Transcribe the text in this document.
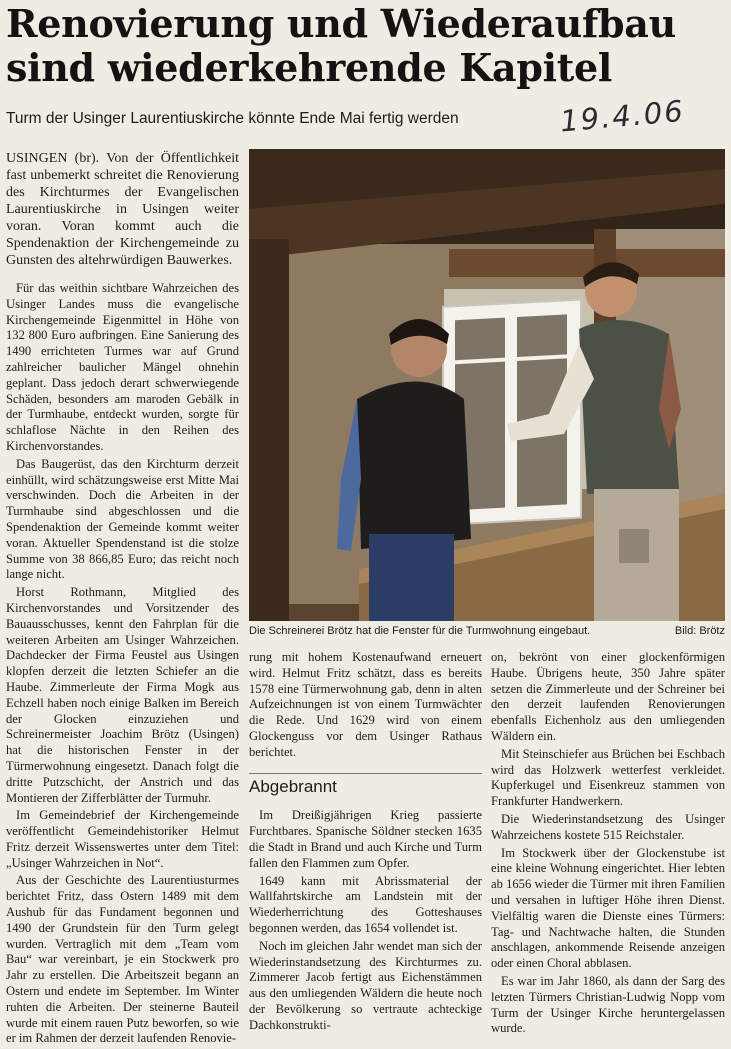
Renovierung und Wiederaufbau
sind wiederkehrende Kapitel
Turm der Usinger Laurentiuskirche könnte Ende Mai fertig werden	19.4.06

USINGEN (br). Von der Öffentlichkeit fast unbemerkt schreitet die Renovierung des Kirchturmes der Evangelischen Laurentiuskirche in Usingen weiter voran. Voran kommt auch die Spendenaktion der Kirchengemeinde zu Gunsten des altehrwürdigen Bauwerkes.

Für das weithin sichtbare Wahrzeichen des Usinger Landes muss die evangelische Kirchengemeinde Eigenmittel in Höhe von 132 800 Euro aufbringen. Eine Sanierung des 1490 errichteten Turmes war auf Grund zahlreicher baulicher Mängel ohnehin geplant. Dass jedoch derart schwerwiegende Schäden, besonders am maroden Gebälk in der Turmhaube, entdeckt wurden, sorgte für schlaflose Nächte in den Reihen des Kirchenvorstandes.

Das Baugerüst, das den Kirchturm derzeit einhüllt, wird schätzungsweise erst Mitte Mai verschwinden. Doch die Arbeiten in der Turmhaube sind abgeschlossen und die Spendenaktion der Gemeinde kommt weiter voran. Aktueller Spendenstand ist die stolze Summe von 38 866,85 Euro; das reicht noch lange nicht.

Horst Rothmann, Mitglied des Kirchenvorstandes und Vorsitzender des Bauausschusses, kennt den Fahrplan für die weiteren Arbeiten am Usinger Wahrzeichen. Dachdecker der Firma Feustel aus Usingen klopfen derzeit die letzten Schiefer an die Haube. Zimmerleute der Firma Mogk aus Echzell haben noch einige Balken im Bereich der Glocken einzuziehen und Schreinermeister Joachim Brötz (Usingen) hat die historischen Fenster in der Türmerwohnung eingesetzt. Danach folgt die dritte Putzschicht, der Anstrich und das Montieren der Zifferblätter der Turmuhr.

Im Gemeindebrief der Kirchengemeinde veröffentlicht Gemeindehistoriker Helmut Fritz derzeit Wissenswertes unter dem Titel: „Usinger Wahrzeichen in Not“.

Aus der Geschichte des Laurentiusturmes berichtet Fritz, dass Ostern 1489 mit dem Aushub für das Fundament begonnen und 1490 der Grundstein für den Turm gelegt wurden. Vertraglich mit dem „Team vom Bau“ war vereinbart, je ein Stockwerk pro Jahr zu erstellen. Die Arbeitszeit begann an Ostern und endete im September. Im Winter ruhten die Arbeiten. Der steinerne Bauteil wurde mit einem rauen Putz beworfen, so wie er im Rahmen der derzeit laufenden Renovie-

Die Schreinerei Brötz hat die Fenster für die Turmwohnung eingebaut.	Bild: Brötz

rung mit hohem Kostenaufwand erneuert wird. Helmut Fritz schätzt, dass es bereits 1578 eine Türmerwohnung gab, denn in alten Aufzeichnungen ist von einem Turmwächter die Rede. Und 1629 wird von einem Glockenguss vor dem Usinger Rathaus berichtet.

Abgebrannt

Im Dreißigjährigen Krieg passierte Furchtbares. Spanische Söldner stecken 1635 die Stadt in Brand und auch Kirche und Turm fallen den Flammen zum Opfer.

1649 kann mit Abrissmaterial der Wallfahrtskirche am Landstein mit der Wiederherrichtung des Gotteshauses begonnen werden, das 1654 vollendet ist.

Noch im gleichen Jahr wendet man sich der Wiederinstandsetzung des Kirchturmes zu. Zimmerer Jacob fertigt aus Eichenstämmen aus den umliegenden Wäldern die heute noch der Bevölkerung so vertraute achteckige Dachkonstrukti-

on, bekrönt von einer glockenförmigen Haube. Übrigens heute, 350 Jahre später setzen die Zimmerleute und der Schreiner bei den derzeit laufenden Renovierungen ebenfalls Eichenholz aus den umliegenden Wäldern ein.

Mit Steinschiefer aus Brüchen bei Eschbach wird das Holzwerk wetterfest verkleidet. Kupferkugel und Eisenkreuz stammen von Frankfurter Handwerkern.

Die Wiederinstandsetzung des Usinger Wahrzeichens kostete 515 Reichstaler.

Im Stockwerk über der Glockenstube ist eine kleine Wohnung eingerichtet. Hier lebten ab 1656 wieder die Türmer mit ihren Familien und versahen in luftiger Höhe ihren Dienst. Vielfältig waren die Dienste eines Türmers: Tag- und Nachtwache halten, die Stunden anschlagen, ankommende Reisende anzeigen oder einen Choral abblasen.

Es war im Jahr 1860, als dann der Sarg des letzten Türmers Christian-Ludwig Nopp vom Turm der Usinger Kirche heruntergelassen wurde.
